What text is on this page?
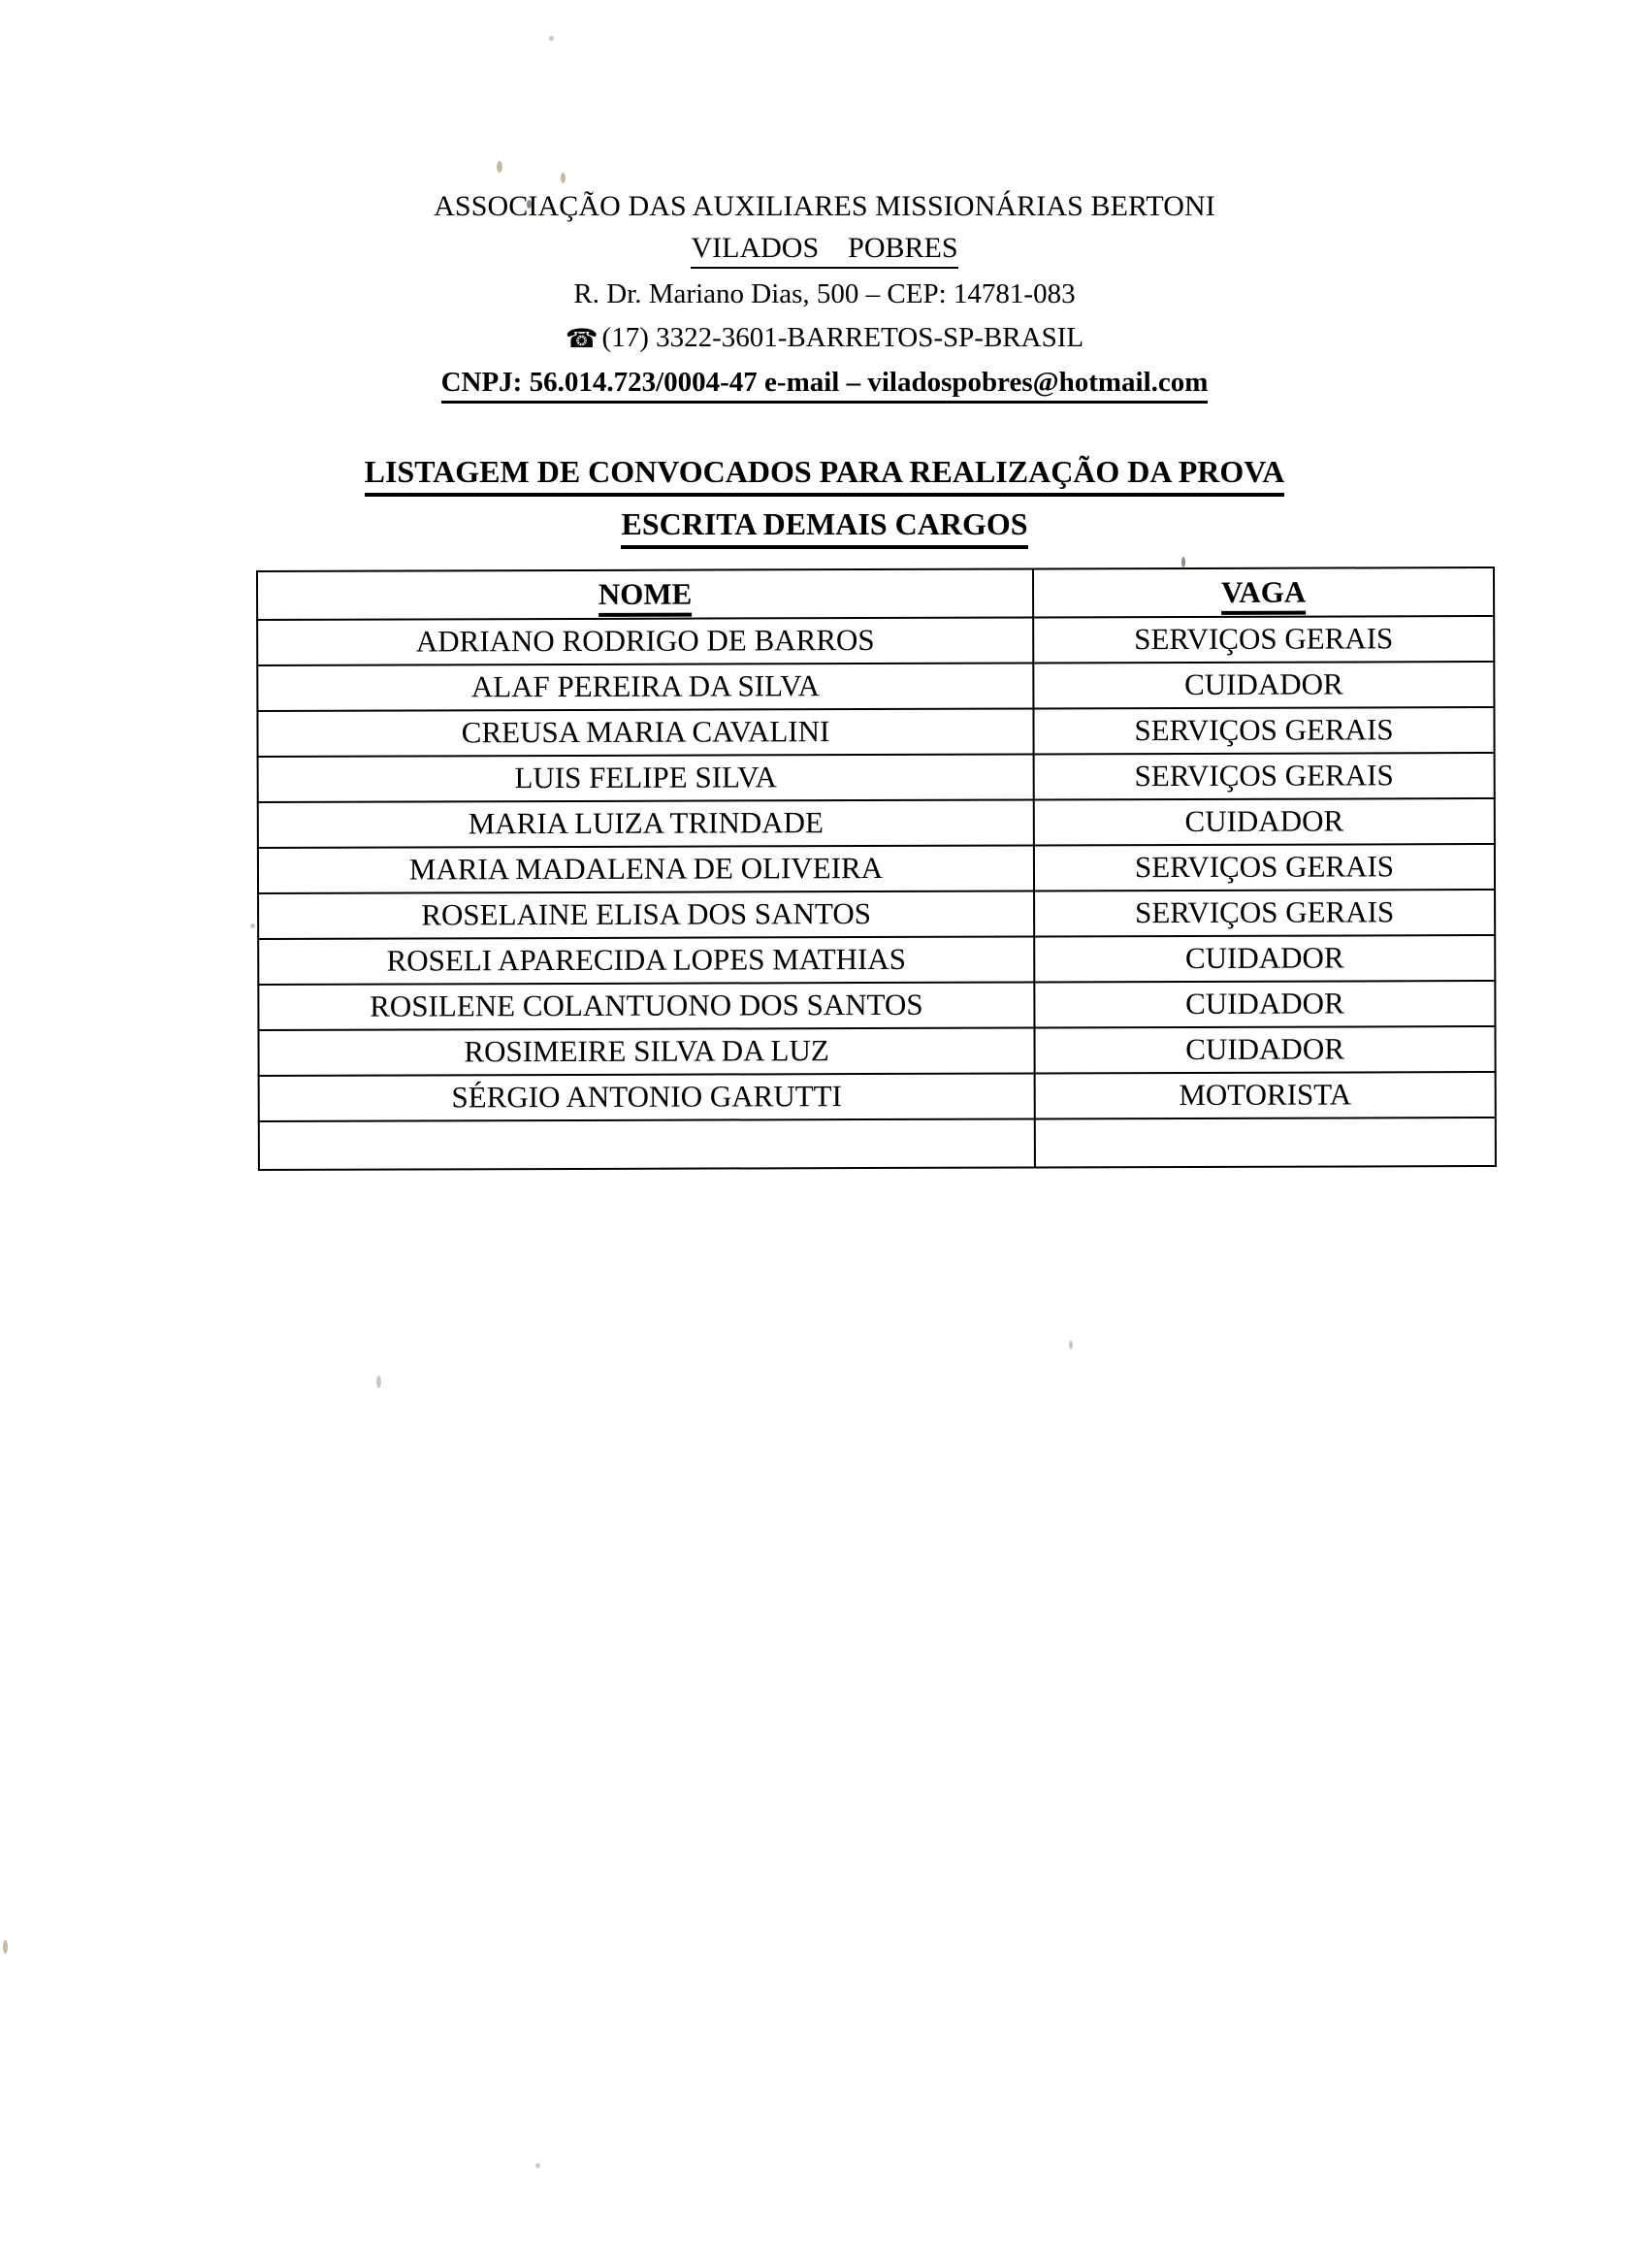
ASSOCIAÇÃO DAS AUXILIARES MISSIONÁRIAS BERTONI
VILADOS    POBRES
R. Dr. Mariano Dias, 500 – CEP: 14781-083
☎ (17) 3322-3601-BARRETOS-SP-BRASIL
CNPJ: 56.014.723/0004-47 e-mail – viladospobres@hotmail.com
LISTAGEM DE CONVOCADOS PARA REALIZAÇÃO DA PROVA
ESCRITA DEMAIS CARGOS
NOME	VAGA
ADRIANO RODRIGO DE BARROS	SERVIÇOS GERAIS
ALAF PEREIRA DA SILVA	CUIDADOR
CREUSA MARIA CAVALINI	SERVIÇOS GERAIS
LUIS FELIPE SILVA	SERVIÇOS GERAIS
MARIA LUIZA TRINDADE	CUIDADOR
MARIA MADALENA DE OLIVEIRA	SERVIÇOS GERAIS
ROSELAINE ELISA DOS SANTOS	SERVIÇOS GERAIS
ROSELI APARECIDA LOPES MATHIAS	CUIDADOR
ROSILENE COLANTUONO DOS SANTOS	CUIDADOR
ROSIMEIRE SILVA DA LUZ	CUIDADOR
SÉRGIO ANTONIO GARUTTI	MOTORISTA
